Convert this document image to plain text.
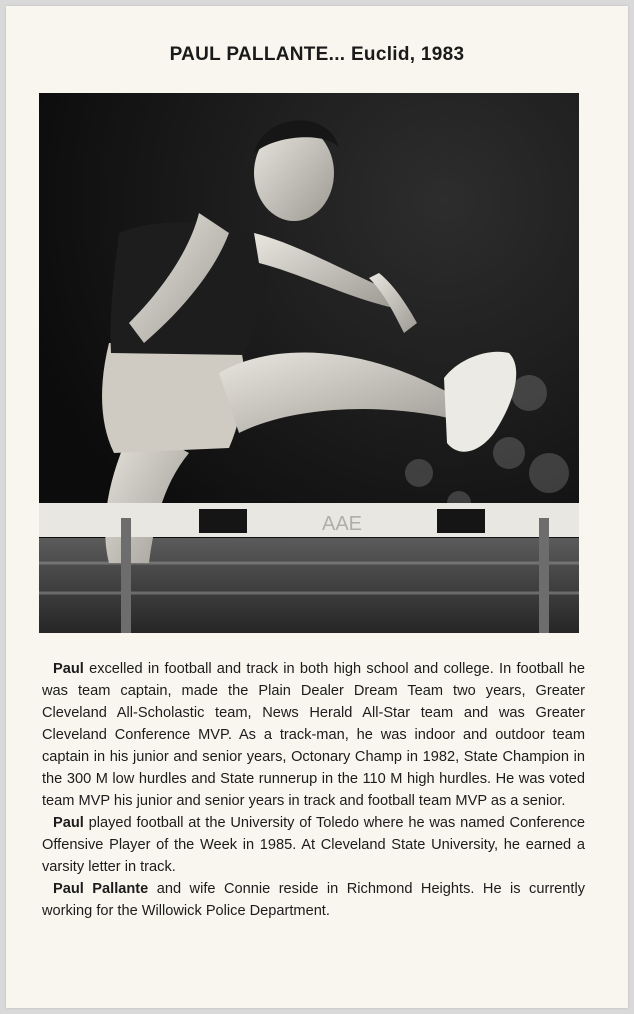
PAUL PALLANTE... Euclid, 1983
AAE

Paul excelled in football and track in both high school and college. In football he was team captain, made the Plain Dealer Dream Team two years, Greater Cleveland All-Scholastic team, News Herald All-Star team and was Greater Cleveland Conference MVP. As a track-man, he was indoor and outdoor team captain in his junior and senior years, Octonary Champ in 1982, State Champion in the 300 M low hurdles and State runnerup in the 110 M high hurdles. He was voted team MVP his junior and senior years in track and football team MVP as a senior.

Paul played football at the University of Toledo where he was named Conference Offensive Player of the Week in 1985. At Cleveland State University, he earned a varsity letter in track.

Paul Pallante and wife Connie reside in Richmond Heights. He is currently working for the Willowick Police Department.
